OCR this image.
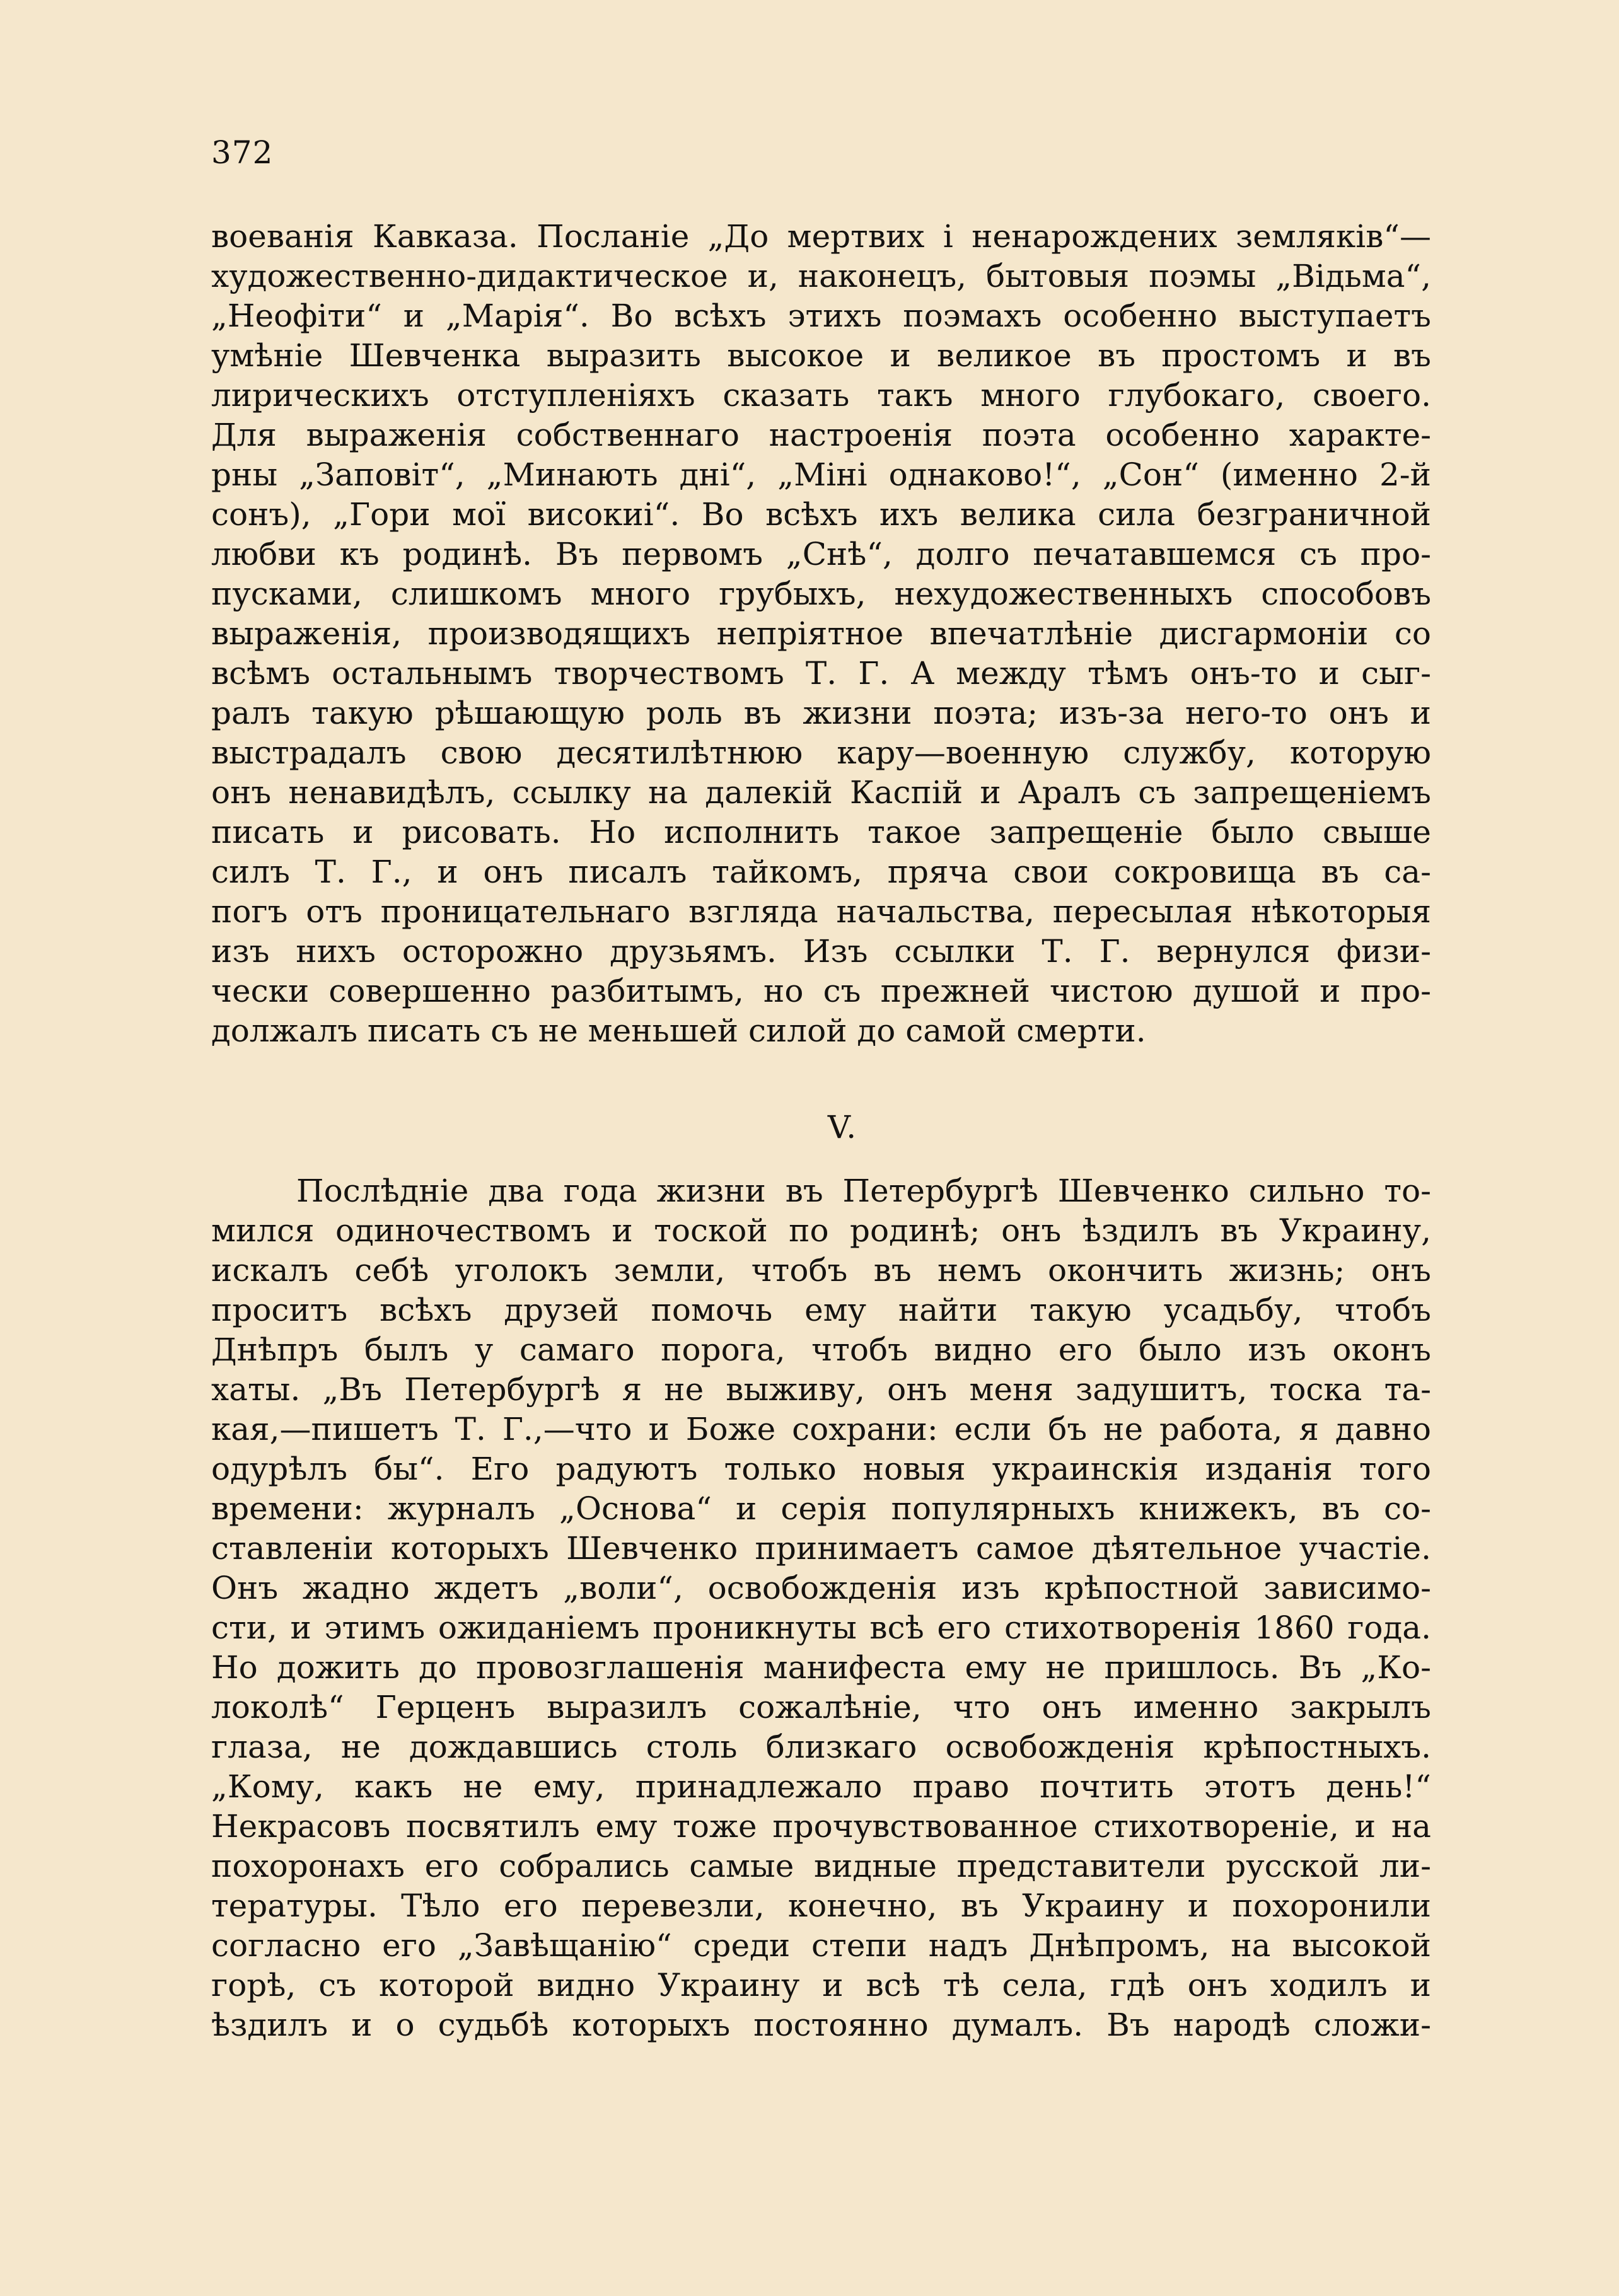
372
воеванія Кавказа. Посланіе „До мертвих і ненарождених земляків“—
художественно-дидактическое и, наконецъ, бытовыя поэмы „Відьма“,
„Неофіти“ и „Марія“. Во всѣхъ этихъ поэмахъ особенно выступаетъ
умѣніе Шевченка выразить высокое и великое въ простомъ и въ
лирическихъ отступленіяхъ сказать такъ много глубокаго, своего.
Для выраженія собственнаго настроенія поэта особенно характе-
рны „Заповіт“, „Минають дні“, „Міні однаково!“, „Сон“ (именно 2-й
сонъ), „Гори мої високиі“. Во всѣхъ ихъ велика сила безграничной
любви къ родинѣ. Въ первомъ „Снѣ“, долго печатавшемся съ про-
пусками, слишкомъ много грубыхъ, нехудожественныхъ способовъ
выраженія, производящихъ непріятное впечатлѣніе дисгармоніи со
всѣмъ остальнымъ творчествомъ Т. Г. А между тѣмъ онъ-то и сыг-
ралъ такую рѣшающую роль въ жизни поэта; изъ-за него-то онъ и
выстрадалъ свою десятилѣтнюю кару—военную службу, которую
онъ ненавидѣлъ, ссылку на далекій Каспій и Аралъ съ запрещеніемъ
писать и рисовать. Но исполнить такое запрещеніе было свыше
силъ Т. Г., и онъ писалъ тайкомъ, пряча свои сокровища въ са-
погъ отъ проницательнаго взгляда начальства, пересылая нѣкоторыя
изъ нихъ осторожно друзьямъ. Изъ ссылки Т. Г. вернулся физи-
чески совершенно разбитымъ, но съ прежней чистою душой и про-
должалъ писать съ не меньшей силой до самой смерти.
V.
Послѣдніе два года жизни въ Петербургѣ Шевченко сильно то-
мился одиночествомъ и тоской по родинѣ; онъ ѣздилъ въ Украину,
искалъ себѣ уголокъ земли, чтобъ въ немъ окончить жизнь; онъ
проситъ всѣхъ друзей помочь ему найти такую усадьбу, чтобъ
Днѣпръ былъ у самаго порога, чтобъ видно его было изъ оконъ
хаты. „Въ Петербургѣ я не выживу, онъ меня задушитъ, тоска та-
кая,—пишетъ Т. Г.,—что и Боже сохрани: если бъ не работа, я давно
одурѣлъ бы“. Его радуютъ только новыя украинскія изданія того
времени: журналъ „Основа“ и серія популярныхъ книжекъ, въ со-
ставленіи которыхъ Шевченко принимаетъ самое дѣятельное участіе.
Онъ жадно ждетъ „воли“, освобожденія изъ крѣпостной зависимо-
сти, и этимъ ожиданіемъ проникнуты всѣ его стихотворенія 1860 года.
Но дожить до провозглашенія манифеста ему не пришлось. Въ „Ко-
локолѣ“ Герценъ выразилъ сожалѣніе, что онъ именно закрылъ
глаза, не дождавшись столь близкаго освобожденія крѣпостныхъ.
„Кому, какъ не ему, принадлежало право почтить этотъ день!“
Некрасовъ посвятилъ ему тоже прочувствованное стихотвореніе, и на
похоронахъ его собрались самые видные представители русской ли-
тературы. Тѣло его перевезли, конечно, въ Украину и похоронили
согласно его „Завѣщанію“ среди степи надъ Днѣпромъ, на высокой
горѣ, съ которой видно Украину и всѣ тѣ села, гдѣ онъ ходилъ и
ѣздилъ и о судьбѣ которыхъ постоянно думалъ. Въ народѣ сложи-
